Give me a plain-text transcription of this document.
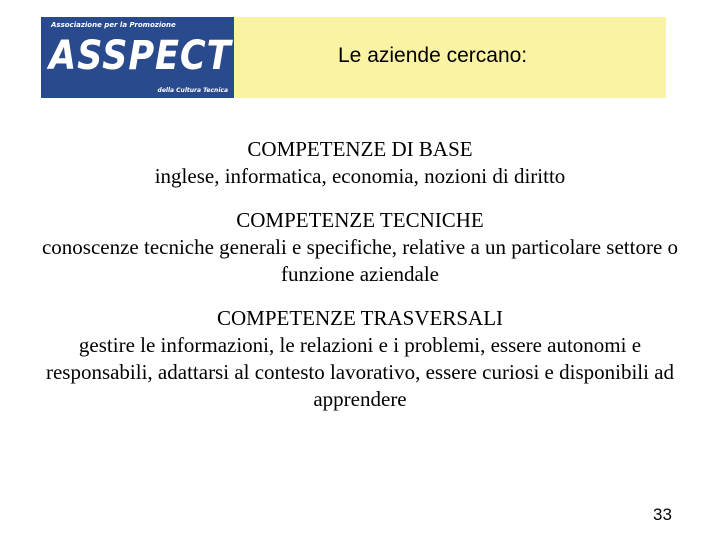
Associazione per la Promozione
ASSPECT
della Cultura Tecnica
Le aziende cercano:
COMPETENZE DI BASE
inglese, informatica, economia, nozioni di diritto
COMPETENZE TECNICHE
conoscenze tecniche generali e specifiche, relative a un particolare settore o funzione aziendale
COMPETENZE TRASVERSALI
gestire le informazioni, le relazioni e i problemi, essere autonomi e responsabili, adattarsi al contesto lavorativo, essere curiosi e disponibili ad apprendere
33
